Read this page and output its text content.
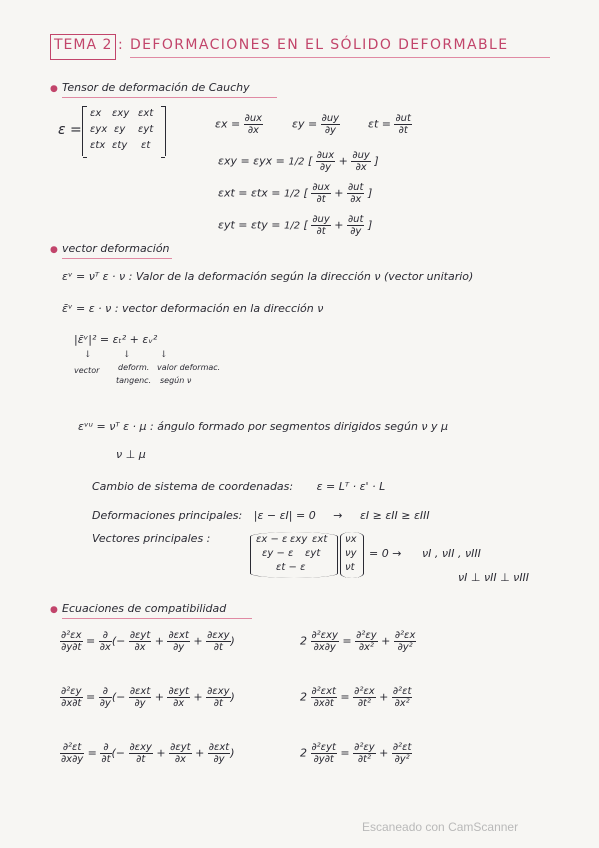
TEMA 2 : DEFORMACIONES EN EL SÓLIDO DEFORMABLE
● Tensor de deformación de Cauchy
ε =
εx εxy εxt
εyx εy εyt
εtx εty εt
$\varepsilon x = \frac{\partial ux}{\partial x}$	$\varepsilon y = \frac{\partial uy}{\partial y}$	$\varepsilon t = \frac{\partial ut}{\partial t}$
εxy = εyx = 1/2 [ $\frac{\partial ux}{\partial y} + \frac{\partial uy}{\partial x}$ ]
εxt = εtx = 1/2 [ $\frac{\partial ux}{\partial t} + \frac{\partial ut}{\partial x}$ ]
εyt = εty = 1/2 [ $\frac{\partial uy}{\partial t} + \frac{\partial ut}{\partial y}$ ]
● vector deformación
εᵛ = νᵀ ε · ν : Valor de la deformación según la dirección ν (vector unitario)
ε̄ᵛ = ε · ν : vector deformación en la dirección ν
|ε̄ᵛ|² = εₜ² + εᵥ²
↓	↓	↓
vector deform.
tangenc.
valor deformac.
según ν
εᵛᵘ = νᵀ ε · μ : ángulo formado por segmentos dirigidos según ν y μ
ν ⊥ μ
Cambio de sistema de coordenadas: ε = Lᵀ · ε' · L
Deformaciones principales: |ε − εI| = 0 → εI ≥ εII ≥ εIII
Vectores principales :	εx − ε εxy εxt
εy − ε εyt
εt − ε
νx
νy
νt
= 0 → νI , νII , νIII
νI ⊥ νII ⊥ νIII
● Ecuaciones de compatibilidad
$\frac{\text{∂²εx}}{\partial y\partial t} = \frac{\partial}{\partial x}$ (− $\frac{\text{∂εyt}}{\partial x} + \frac{\text{∂εxt}}{\partial y} + \frac{\text{∂εxy}}{\partial t}$ )
$\frac{\text{∂²εy}}{\partial x\partial t} = \frac{\partial}{\partial y}$ (− $\frac{\text{∂εxt}}{\partial y} + \frac{\text{∂εyt}}{\partial x} + \frac{\text{∂εxy}}{\partial t}$ )
$\frac{\text{∂²εt}}{\partial x\partial y} = \frac{\partial}{\partial t}$ (− $\frac{\text{∂εxy}}{\partial t} + \frac{\text{∂εyt}}{\partial x} + \frac{\text{∂εxt}}{\partial y}$ )
$2 \frac{\text{∂²εxy}}{\partial x\partial y} = \frac{\text{∂²εy}}{\text{∂x²}} + \frac{\text{∂²εx}}{\text{∂y²}}$
$2 \frac{\text{∂²εxt}}{\partial x\partial t} = \frac{\text{∂²εx}}{\text{∂t²}} + \frac{\text{∂²εt}}{\text{∂x²}}$
$2 \frac{\text{∂²εyt}}{\partial y\partial t} = \frac{\text{∂²εy}}{\text{∂t²}} + \frac{\text{∂²εt}}{\text{∂y²}}$
Escaneado con CamScanner
